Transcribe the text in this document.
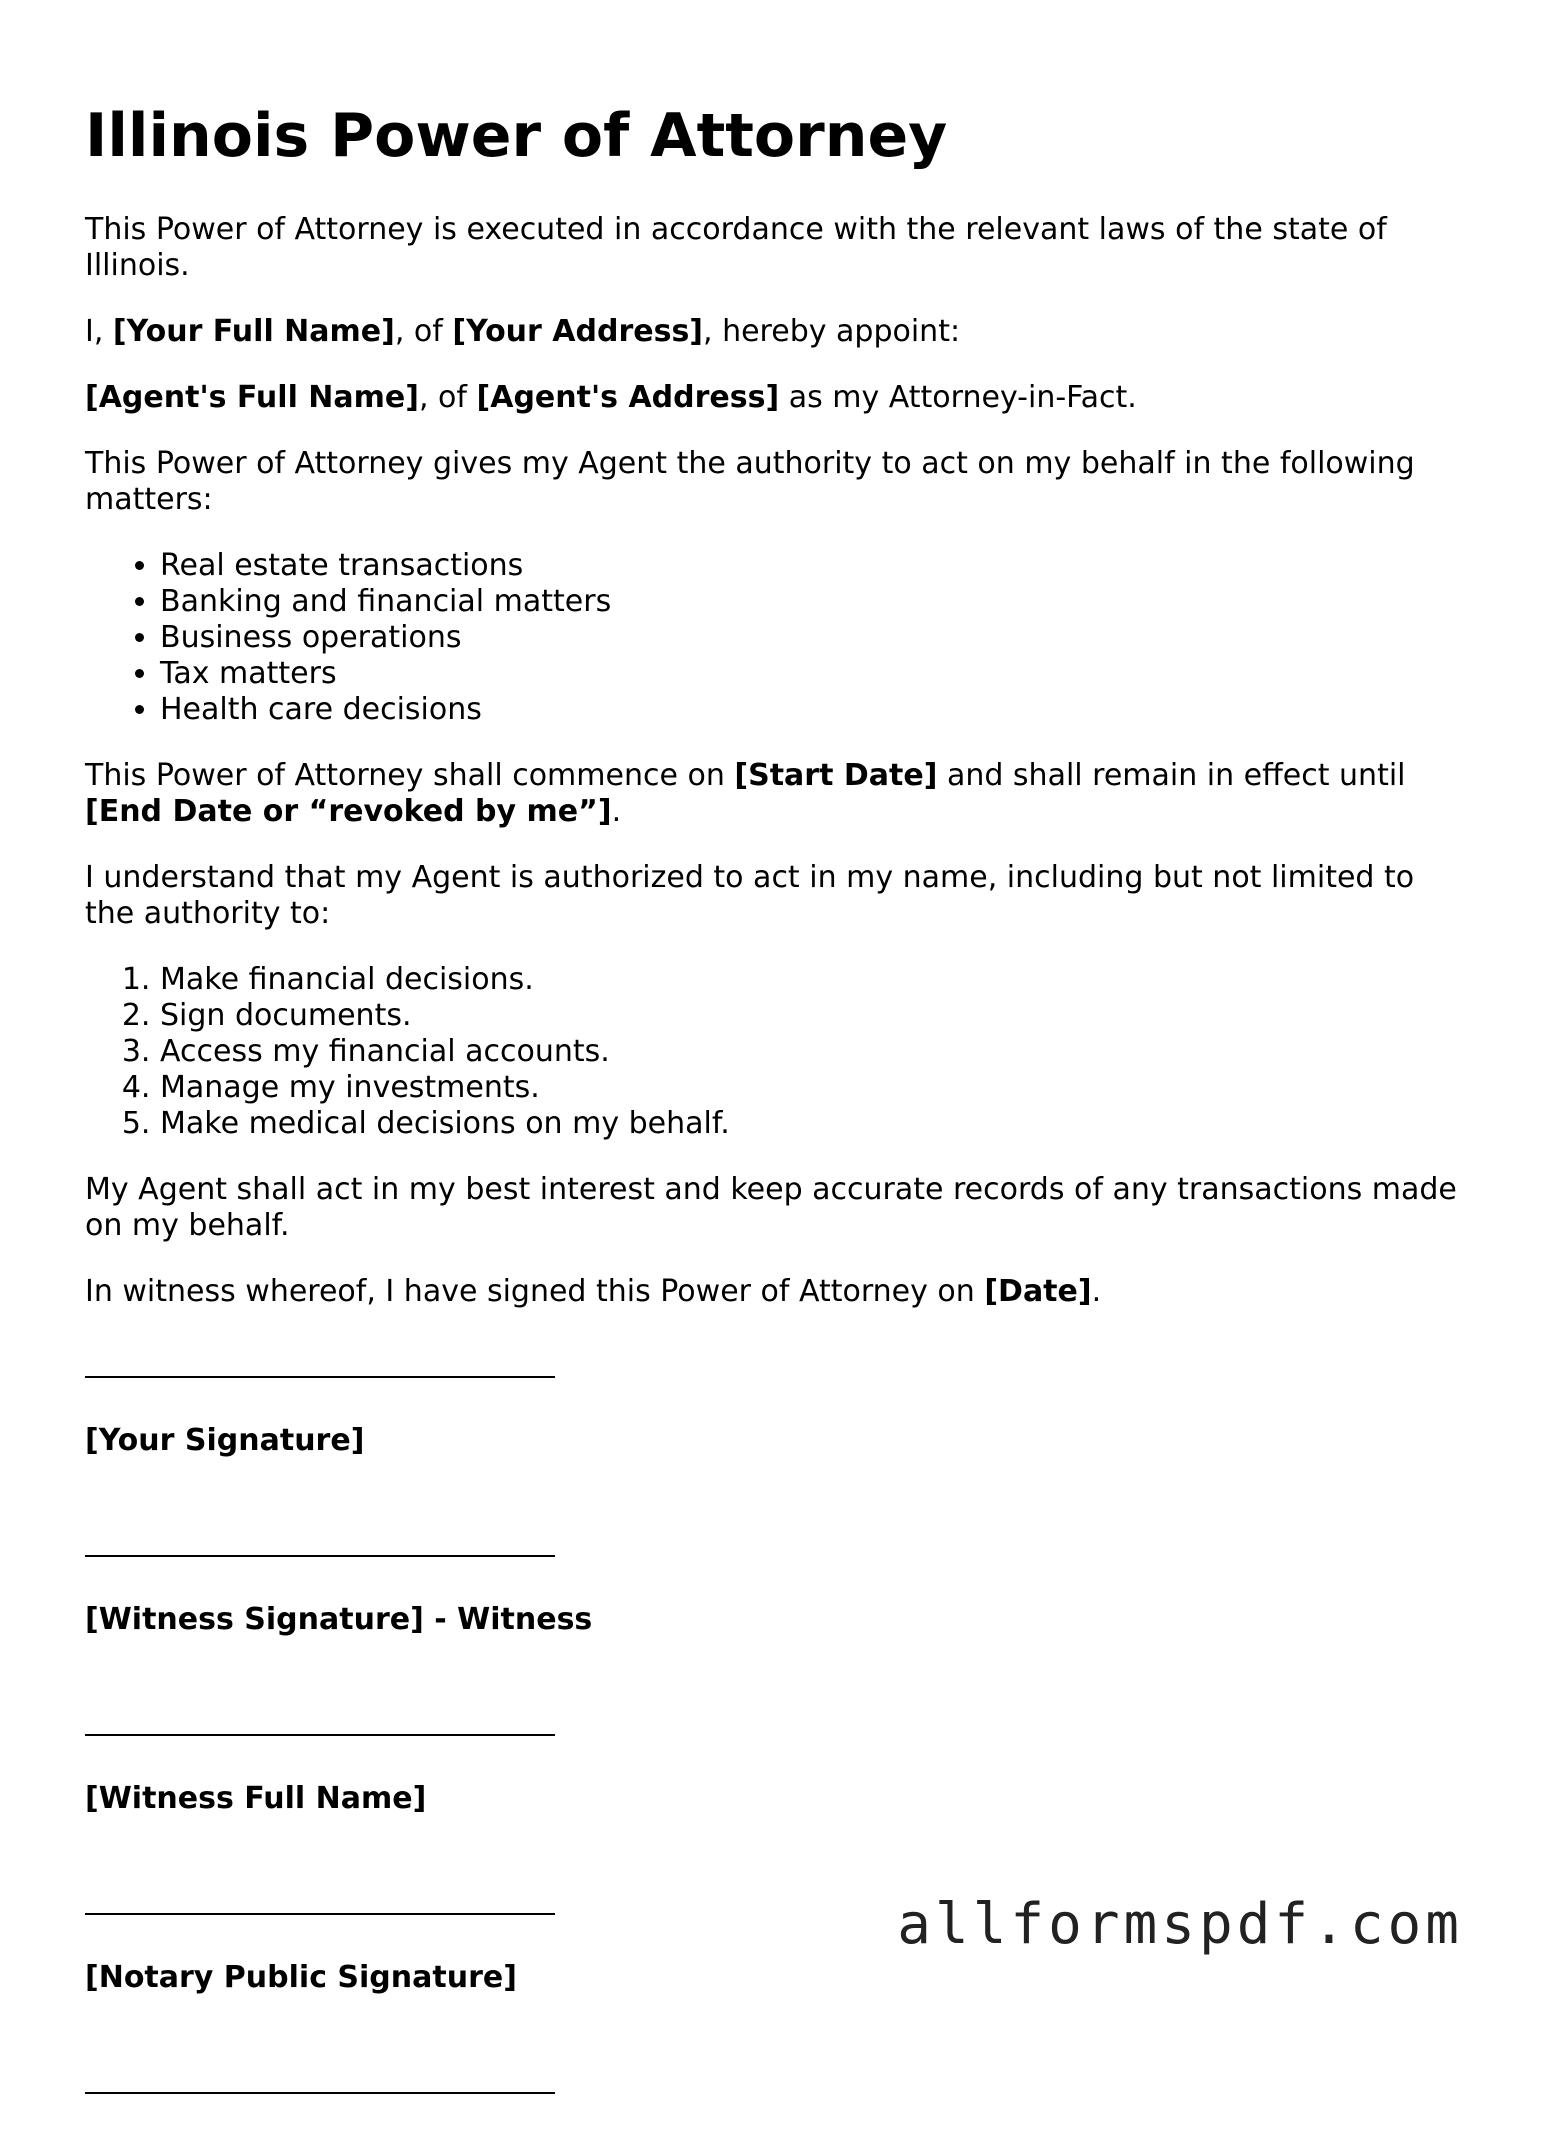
Illinois Power of Attorney

This Power of Attorney is executed in accordance with the relevant laws of the state of Illinois.

I, [Your Full Name], of [Your Address], hereby appoint:

[Agent's Full Name], of [Agent's Address] as my Attorney-in-Fact.

This Power of Attorney gives my Agent the authority to act on my behalf in the following matters:

• Real estate transactions
• Banking and financial matters
• Business operations
• Tax matters
• Health care decisions

This Power of Attorney shall commence on [Start Date] and shall remain in effect until [End Date or “revoked by me”].

I understand that my Agent is authorized to act in my name, including but not limited to the authority to:

1. Make financial decisions.
2. Sign documents.
3. Access my financial accounts.
4. Manage my investments.
5. Make medical decisions on my behalf.

My Agent shall act in my best interest and keep accurate records of any transactions made on my behalf.

In witness whereof, I have signed this Power of Attorney on [Date].

[Your Signature]
[Witness Signature] - Witness
[Witness Full Name]
[Notary Public Signature]
allformspdf.com
